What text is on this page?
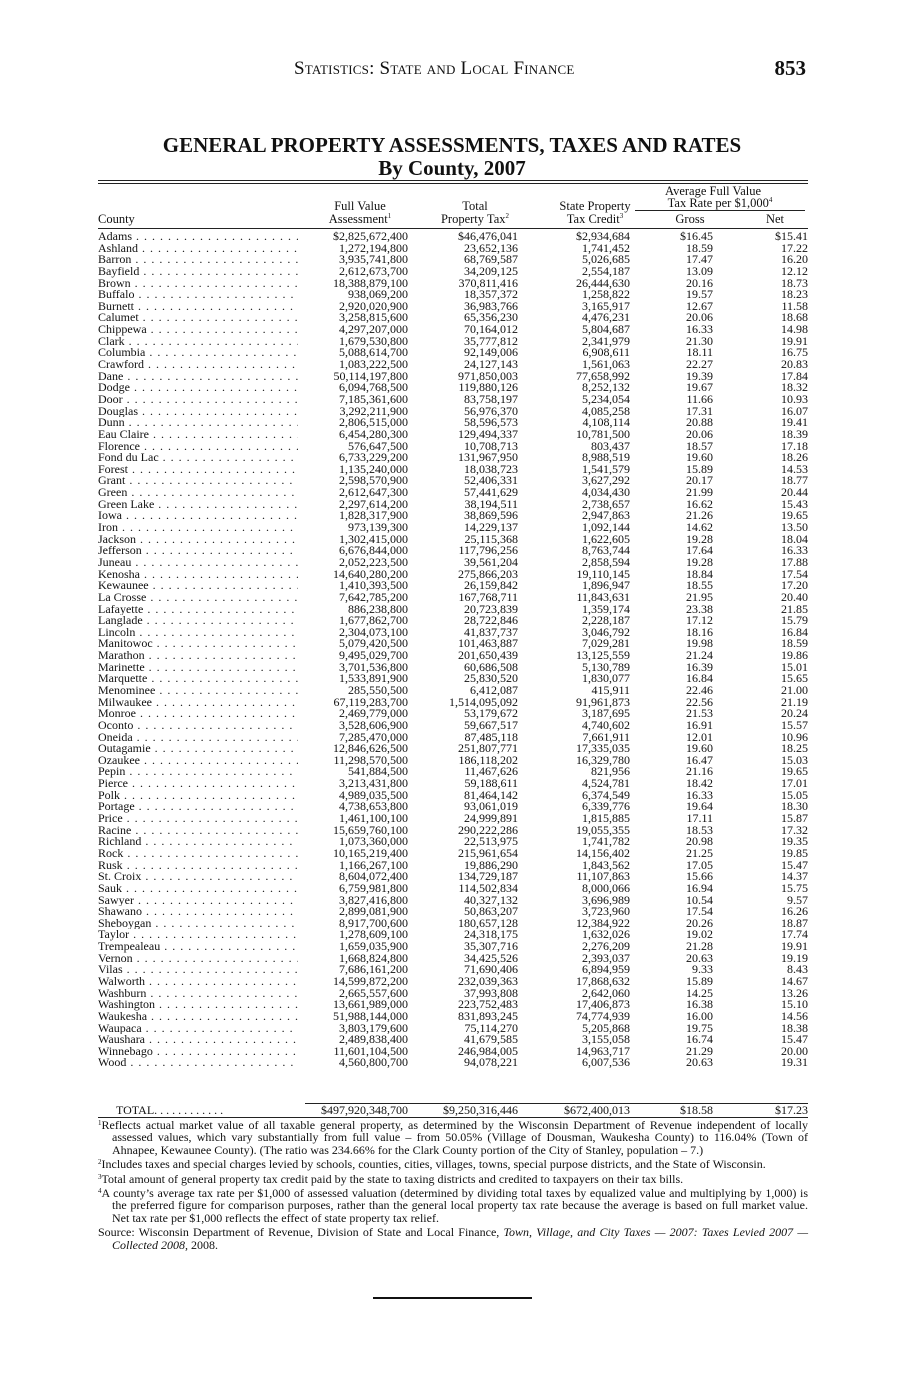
Statistics: State and Local Finance	853
GENERAL PROPERTY ASSESSMENTS, TAXES AND RATES
By County, 2007
Average Full Value
Tax Rate per $1,000$^4$
Full Value
Assessment$^1$
Total
Property Tax$^2$
State Property
Tax Credit$^3$
County	Gross	Net
Adams . . .	$2,825,672,400	$46,476,041	$2,934,684	$16.45	$15.41
Ashland . . .	1,272,194,800	23,652,136	1,741,452	18.59	17.22
Barron . . .	3,935,741,800	68,769,587	5,026,685	17.47	16.20
Bayfield . . .	2,612,673,700	34,209,125	2,554,187	13.09	12.12
Brown . . .	18,388,879,100	370,811,416	26,444,630	20.16	18.73
Buffalo . . .	938,069,200	18,357,372	1,258,822	19.57	18.23
Burnett . . .	2,920,020,900	36,983,766	3,165,917	12.67	11.58
Calumet . . .	3,258,815,600	65,356,230	4,476,231	20.06	18.68
Chippewa . . .	4,297,207,000	70,164,012	5,804,687	16.33	14.98
Clark . . .	1,679,530,800	35,777,812	2,341,979	21.30	19.91
Columbia . . .	5,088,614,700	92,149,006	6,908,611	18.11	16.75
Crawford . . .	1,083,222,500	24,127,143	1,561,063	22.27	20.83
Dane . . .	50,114,197,800	971,850,003	77,658,992	19.39	17.84
Dodge . . .	6,094,768,500	119,880,126	8,252,132	19.67	18.32
Door . . .	7,185,361,600	83,758,197	5,234,054	11.66	10.93
Douglas . . .	3,292,211,900	56,976,370	4,085,258	17.31	16.07
Dunn . . .	2,806,515,000	58,596,573	4,108,114	20.88	19.41
Eau Claire . . .	6,454,280,300	129,494,337	10,781,500	20.06	18.39
Florence . . .	576,647,500	10,708,713	803,437	18.57	17.18
Fond du Lac . . .	6,733,229,200	131,967,950	8,988,519	19.60	18.26
Forest . . .	1,135,240,000	18,038,723	1,541,579	15.89	14.53
Grant . . .	2,598,570,900	52,406,331	3,627,292	20.17	18.77
Green . . .	2,612,647,300	57,441,629	4,034,430	21.99	20.44
Green Lake . . .	2,297,614,200	38,194,511	2,738,657	16.62	15.43
Iowa . . .	1,828,317,900	38,869,596	2,947,863	21.26	19.65
Iron . . .	973,139,300	14,229,137	1,092,144	14.62	13.50
Jackson . . .	1,302,415,000	25,115,368	1,622,605	19.28	18.04
Jefferson . . .	6,676,844,000	117,796,256	8,763,744	17.64	16.33
Juneau . . .	2,052,223,500	39,561,204	2,858,594	19.28	17.88
Kenosha . . .	14,640,280,200	275,866,203	19,110,145	18.84	17.54
Kewaunee . . .	1,410,393,500	26,159,842	1,896,947	18.55	17.20
La Crosse . . .	7,642,785,200	167,768,711	11,843,631	21.95	20.40
Lafayette . . .	886,238,800	20,723,839	1,359,174	23.38	21.85
Langlade . . .	1,677,862,700	28,722,846	2,228,187	17.12	15.79
Lincoln . . .	2,304,073,100	41,837,737	3,046,792	18.16	16.84
Manitowoc . . .	5,079,420,500	101,463,887	7,029,281	19.98	18.59
Marathon . . .	9,495,029,700	201,650,439	13,125,559	21.24	19.86
Marinette . . .	3,701,536,800	60,686,508	5,130,789	16.39	15.01
Marquette . . .	1,533,891,900	25,830,520	1,830,077	16.84	15.65
Menominee . . .	285,550,500	6,412,087	415,911	22.46	21.00
Milwaukee . . .	67,119,283,700	1,514,095,092	91,961,873	22.56	21.19
Monroe . . .	2,469,779,000	53,179,672	3,187,695	21.53	20.24
Oconto . . .	3,528,606,900	59,667,517	4,740,602	16.91	15.57
Oneida . . .	7,285,470,000	87,485,118	7,661,911	12.01	10.96
Outagamie . . .	12,846,626,500	251,807,771	17,335,035	19.60	18.25
Ozaukee . . .	11,298,570,500	186,118,202	16,329,780	16.47	15.03
Pepin . . .	541,884,500	11,467,626	821,956	21.16	19.65
Pierce . . .	3,213,431,800	59,188,611	4,524,781	18.42	17.01
Polk . . .	4,989,035,500	81,464,142	6,374,549	16.33	15.05
Portage . . .	4,738,653,800	93,061,019	6,339,776	19.64	18.30
Price . . .	1,461,100,100	24,999,891	1,815,885	17.11	15.87
Racine . . .	15,659,760,100	290,222,286	19,055,355	18.53	17.32
Richland . . .	1,073,360,000	22,513,975	1,741,782	20.98	19.35
Rock . . .	10,165,219,400	215,961,654	14,156,402	21.25	19.85
Rusk . . .	1,166,267,100	19,886,290	1,843,562	17.05	15.47
St. Croix . . .	8,604,072,400	134,729,187	11,107,863	15.66	14.37
Sauk . . .	6,759,981,800	114,502,834	8,000,066	16.94	15.75
Sawyer . . .	3,827,416,800	40,327,132	3,696,989	10.54	9.57
Shawano . . .	2,899,081,900	50,863,207	3,723,960	17.54	16.26
Sheboygan . . .	8,917,700,600	180,657,128	12,384,922	20.26	18.87
Taylor . . .	1,278,609,100	24,318,175	1,632,026	19.02	17.74
Trempealeau . . .	1,659,035,900	35,307,716	2,276,209	21.28	19.91
Vernon . . .	1,668,824,800	34,425,526	2,393,037	20.63	19.19
Vilas . . .	7,686,161,200	71,690,406	6,894,959	9.33	8.43
Walworth . . .	14,599,872,200	232,039,363	17,868,632	15.89	14.67
Washburn . . .	2,665,557,600	37,993,808	2,642,060	14.25	13.26
Washington . . .	13,661,989,000	223,752,483	17,406,873	16.38	15.10
Waukesha . . .	51,988,144,000	831,893,245	74,774,939	16.00	14.56
Waupaca . . .	3,803,179,600	75,114,270	5,205,868	19.75	18.38
Waushara . . .	2,489,838,400	41,679,585	3,155,058	16.74	15.47
Winnebago . . .	11,601,104,500	246,984,005	14,963,717	21.29	20.00
Wood . . .	4,560,800,700	94,078,221	6,007,536	20.63	19.31
TOTAL. . . . . . . . . . . .	$497,920,348,700	$9,250,316,446	$672,400,013	$18.58	$17.23

$^1$Reflects actual market value of all taxable general property, as determined by the Wisconsin Department of Revenue independent of locally assessed values, which vary substantially from full value – from 50.05% (Village of Dousman, Waukesha County) to 116.04% (Town of Ahnapee, Kewaunee County). (The ratio was 234.66% for the Clark County portion of the City of Stanley, population – 7.)

$^2$Includes taxes and special charges levied by schools, counties, cities, villages, towns, special purpose districts, and the State of Wisconsin.

$^3$Total amount of general property tax credit paid by the state to taxing districts and credited to taxpayers on their tax bills.

$^4$A county’s average tax rate per $1,000 of assessed valuation (determined by dividing total taxes by equalized value and multiplying by 1,000) is the preferred figure for comparison purposes, rather than the general local property tax rate because the average is based on full market value. Net tax rate per $1,000 reflects the effect of state property tax relief.

Source: Wisconsin Department of Revenue, Division of State and Local Finance, Town, Village, and City Taxes — 2007: Taxes Levied 2007 — Collected 2008, 2008.
